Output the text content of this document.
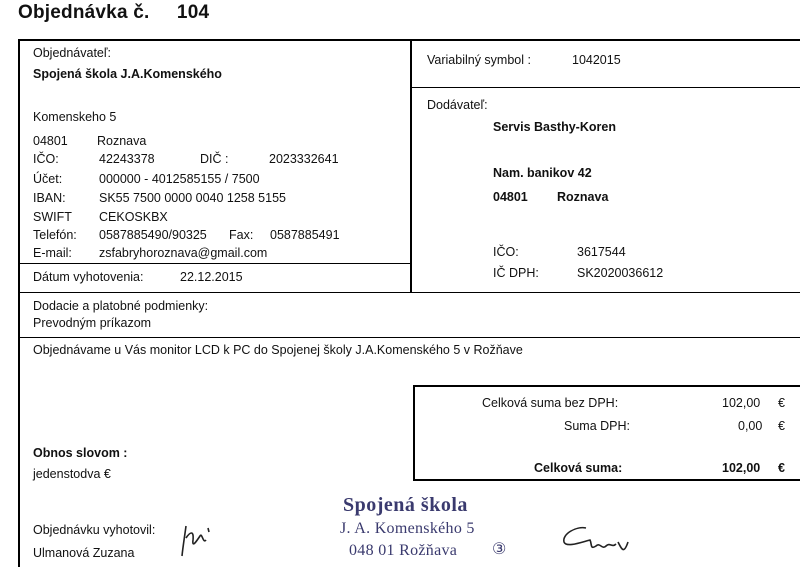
Objednávka č. 104
Objednávateľ:
Spojená škola J.A.Komenského
Komenskeho 5
04801 Roznava
IČO:	42243378	DIČ :	2023332641
Účet:	000000 - 4012585155 / 7500
IBAN:	SK55 7500 0000 0040 1258 5155
SWIFT CEKOSKBX
Telefón: 0587885490/90325 Fax: 0587885491
E-mail: zsfabryhoroznava@gmail.com
Dátum vyhotovenia:	22.12.2015
Variabilný symbol :	1042015
Dodávateľ:
Servis Basthy-Koren
Nam. banikov 42
04801 Roznava
IČO:	3617544
IČ DPH:	SK2020036612
Dodacie a platobné podmienky:
Prevodným príkazom
Objednávame u Vás monitor LCD k PC do Spojenej školy J.A.Komenského 5 v Rožňave
Celková suma bez DPH:	102,00 €
Suma DPH:	0,00 €
Celková suma:	102,00 €
Obnos slovom :
jedenstodva €
Objednávku vyhotovil:
Ulmanová Zuzana
Spojená škola
J. A. Komenského 5
048 01 Rožňava ③
